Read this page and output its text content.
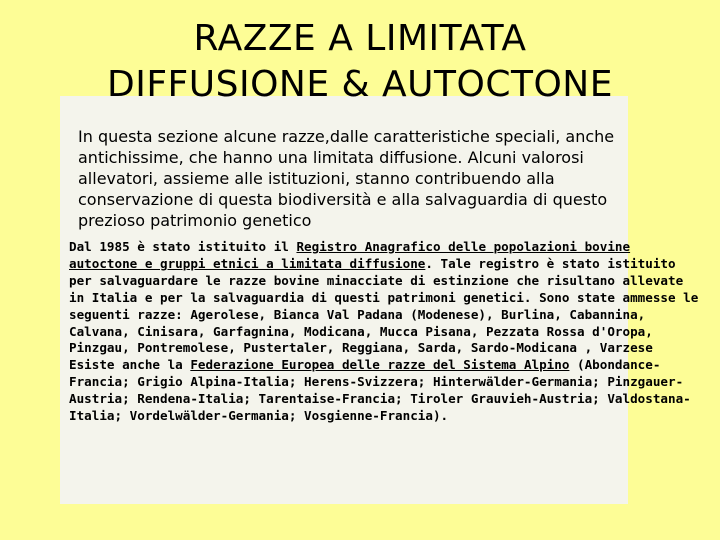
RAZZE A LIMITATA
DIFFUSIONE & AUTOCTONE

In questa sezione alcune razze,dalle caratteristiche speciali, anche antichissime, che hanno una limitata diffusione. Alcuni valorosi allevatori, assieme alle istituzioni, stanno contribuendo alla conservazione di questa biodiversità e alla salvaguardia di questo prezioso patrimonio genetico

Dal 1985 è stato istituito il Registro Anagrafico delle popolazioni bovine autoctone e gruppi etnici a limitata diffusione. Tale registro è stato istituito per salvaguardare le razze bovine minacciate di estinzione che risultano allevate in Italia e per la salvaguardia di questi patrimoni genetici. Sono state ammesse le seguenti razze: Agerolese, Bianca Val Padana (Modenese), Burlina, Cabannina, Calvana, Cinisara, Garfagnina, Modicana, Mucca Pisana, Pezzata Rossa d'Oropa, Pinzgau, Pontremolese, Pustertaler, Reggiana, Sarda, Sardo-Modicana , Varzese

Esiste anche la Federazione Europea delle razze del Sistema Alpino (Abondance-Francia; Grigio Alpina-Italia; Herens-Svizzera; Hinterwälder-Germania; Pinzgauer-Austria; Rendena-Italia; Tarentaise-Francia; Tiroler Grauvieh-Austria; Valdostana-Italia; Vordelwälder-Germania; Vosgienne-Francia).
